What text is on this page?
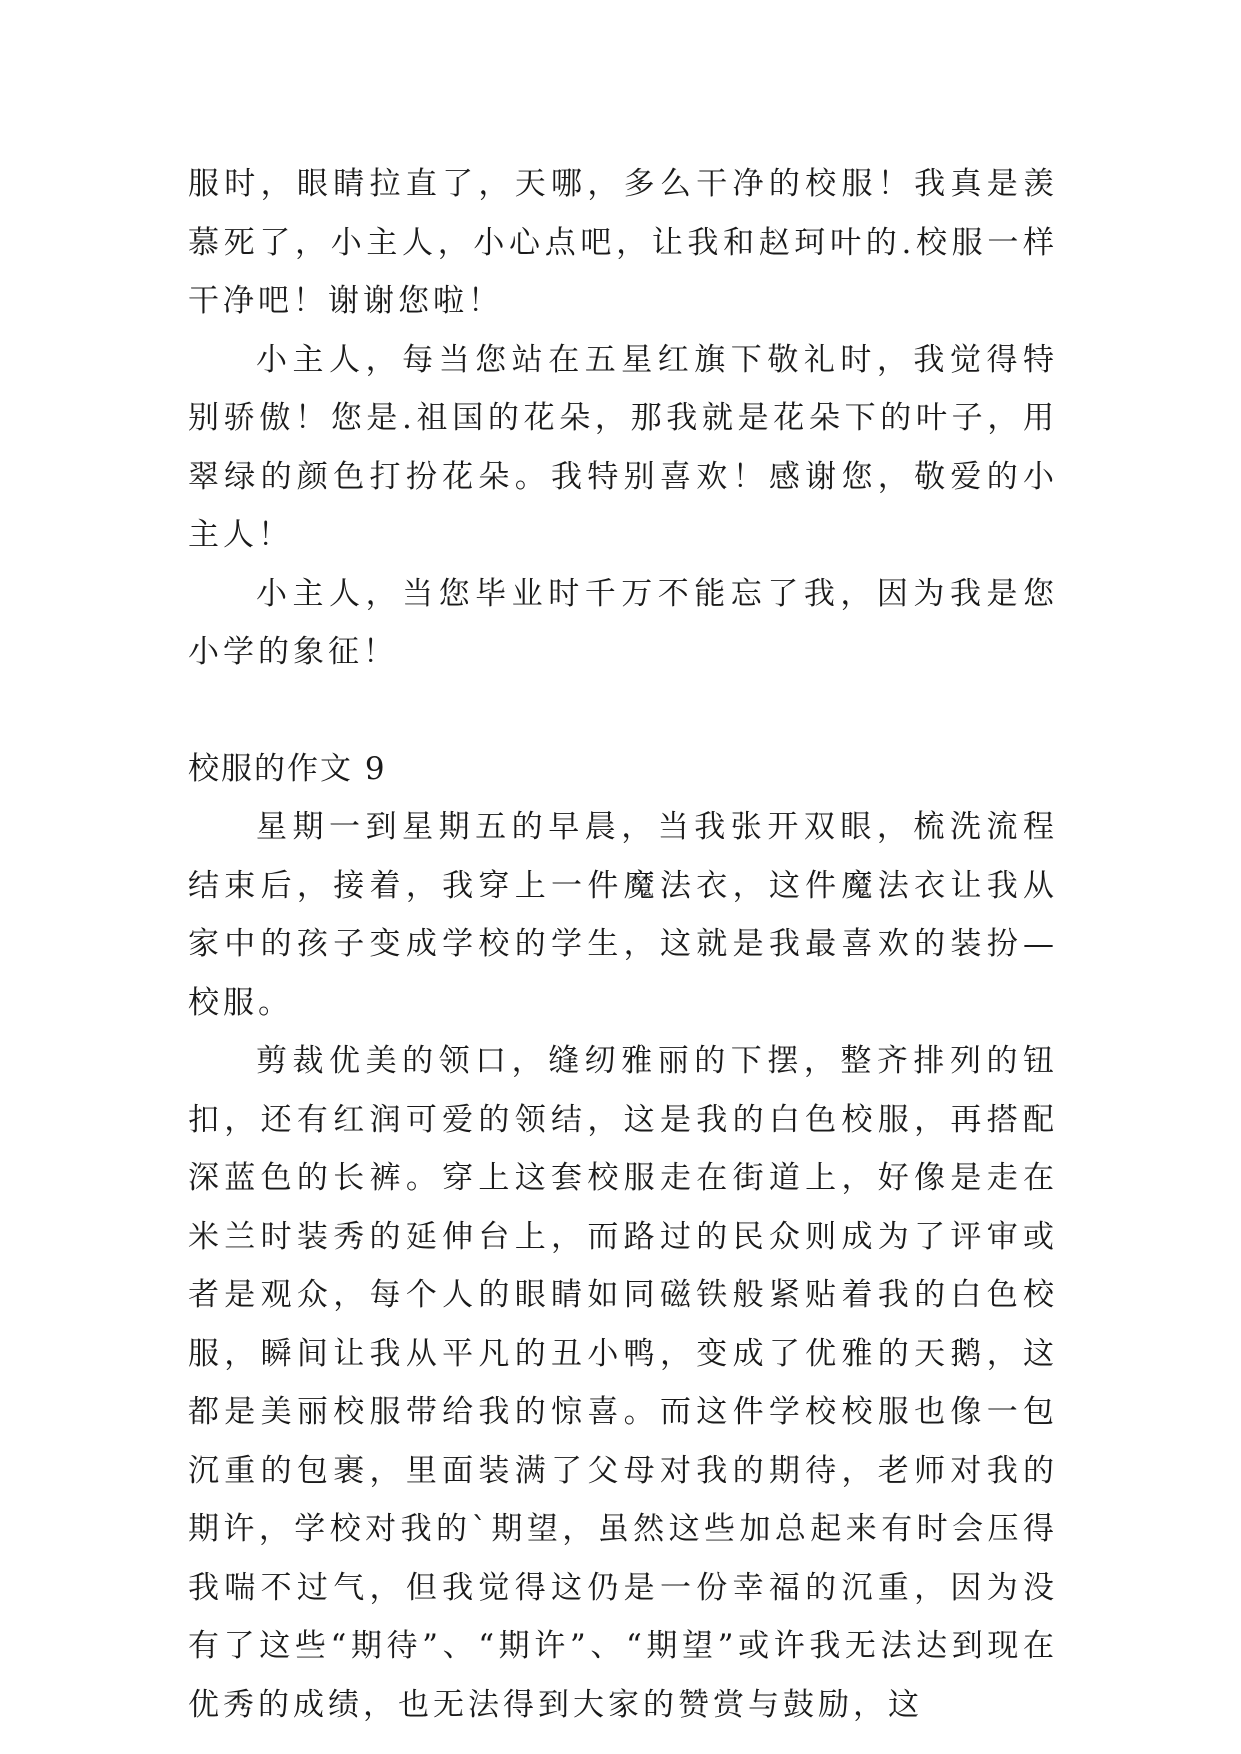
服时，眼睛拉直了，天哪，多么干净的校服！我真是羡慕死了，小主人，小心点吧，让我和赵珂叶的.校服一样干净吧！谢谢您啦！

小主人，每当您站在五星红旗下敬礼时，我觉得特别骄傲！您是.祖国的花朵，那我就是花朵下的叶子，用翠绿的颜色打扮花朵。我特别喜欢！感谢您，敬爱的小主人！

小主人，当您毕业时千万不能忘了我，因为我是您小学的象征！

校服的作文 9

星期一到星期五的早晨，当我张开双眼，梳洗流程结束后，接着，我穿上一件魔法衣，这件魔法衣让我从家中的孩子变成学校的学生，这就是我最喜欢的装扮—校服。

剪裁优美的领口，缝纫雅丽的下摆，整齐排列的钮扣，还有红润可爱的领结，这是我的白色校服，再搭配深蓝色的长裤。穿上这套校服走在街道上，好像是走在米兰时装秀的延伸台上，而路过的民众则成为了评审或者是观众，每个人的眼睛如同磁铁般紧贴着我的白色校服，瞬间让我从平凡的丑小鸭，变成了优雅的天鹅，这都是美丽校服带给我的惊喜。而这件学校校服也像一包沉重的包裹，里面装满了父母对我的期待，老师对我的期许，学校对我的`期望，虽然这些加总起来有时会压得我喘不过气，但我觉得这仍是一份幸福的沉重，因为没有了这些“期待”、“期许”、“期望”或许我无法达到现在优秀的成绩，也无法得到大家的赞赏与鼓励，这
